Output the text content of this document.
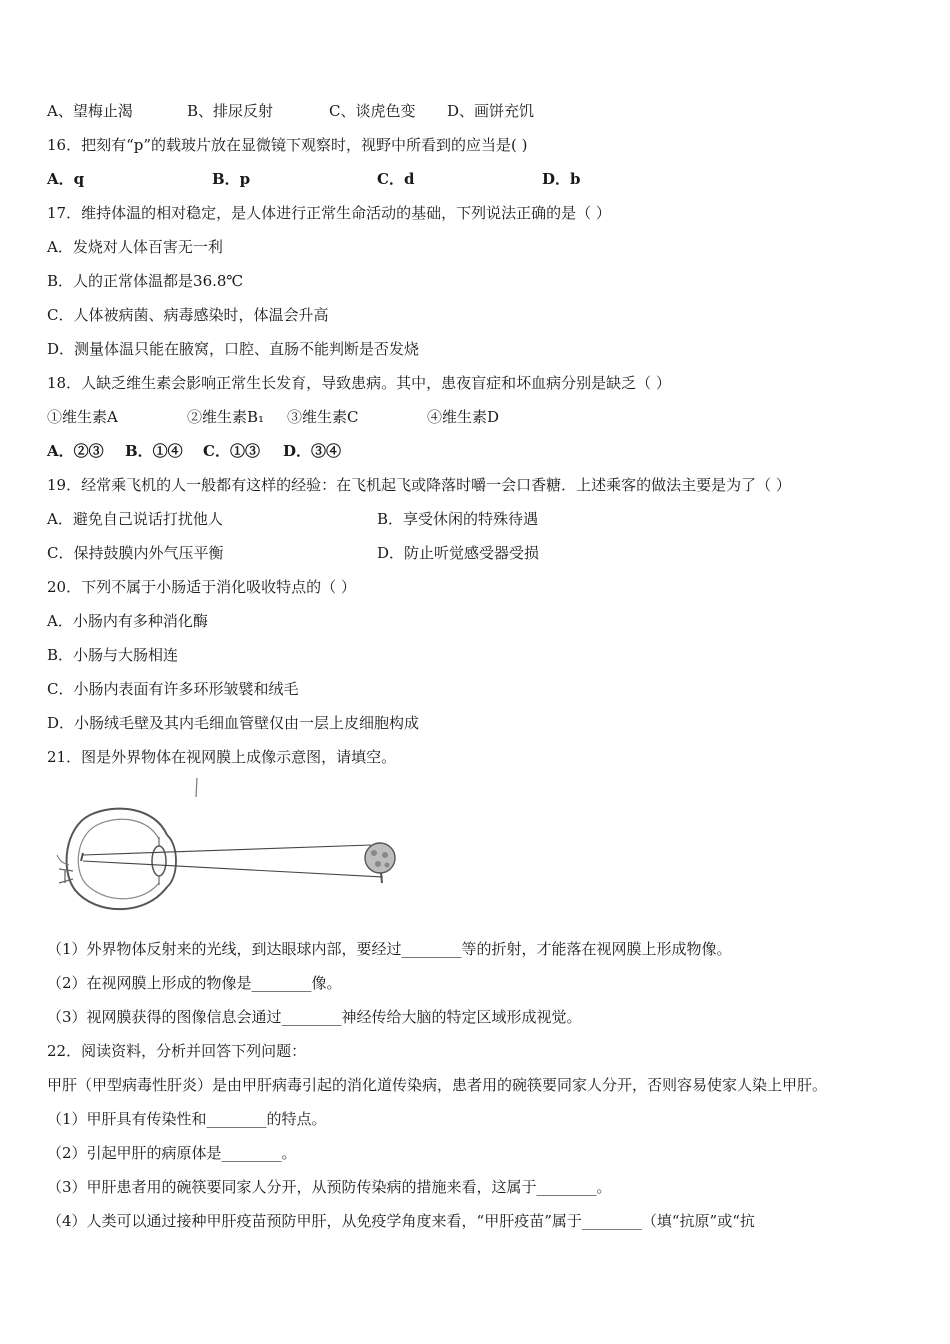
A、望梅止渴	B、排尿反射	C、谈虎色变 D、画饼充饥
16．把刻有“p”的载玻片放在显微镜下观察时，视野中所看到的应当是( )
A．q	B．p	C．d	D．b
17．维持体温的相对稳定，是人体进行正常生命活动的基础，下列说法正确的是（ ）
A．发烧对人体百害无一利
B．人的正常体温都是36.8℃
C．人体被病菌、病毒感染时，体温会升高
D．测量体温只能在腋窝，口腔、直肠不能判断是否发烧
18．人缺乏维生素会影响正常生长发育，导致患病。其中，患夜盲症和坏血病分别是缺乏（ ）
①维生素A	②维生素B₁ ③维生素C	④维生素D
A．②③ B．①④ C．①③ D．③④
19．经常乘飞机的人一般都有这样的经验：在飞机起飞或降落时嚼一会口香糖．上述乘客的做法主要是为了（ ）
A．避免自己说话打扰他人	B．享受休闲的特殊待遇
C．保持鼓膜内外气压平衡	D．防止听觉感受器受损
20．下列不属于小肠适于消化吸收特点的（ ）
A．小肠内有多种消化酶
B．小肠与大肠相连
C．小肠内表面有许多环形皱襞和绒毛
D．小肠绒毛壁及其内毛细血管壁仅由一层上皮细胞构成
21．图是外界物体在视网膜上成像示意图，请填空。
（1）外界物体反射来的光线，到达眼球内部，要经过________等的折射，才能落在视网膜上形成物像。
（2）在视网膜上形成的物像是________像。
（3）视网膜获得的图像信息会通过________神经传给大脑的特定区域形成视觉。
22．阅读资料，分析并回答下列问题：
甲肝（甲型病毒性肝炎）是由甲肝病毒引起的消化道传染病，患者用的碗筷要同家人分开，否则容易使家人染上甲肝。
（1）甲肝具有传染性和________的特点。
（2）引起甲肝的病原体是________。
（3）甲肝患者用的碗筷要同家人分开，从预防传染病的措施来看，这属于________。
（4）人类可以通过接种甲肝疫苗预防甲肝，从免疫学角度来看，“甲肝疫苗”属于________（填“抗原”或“抗
